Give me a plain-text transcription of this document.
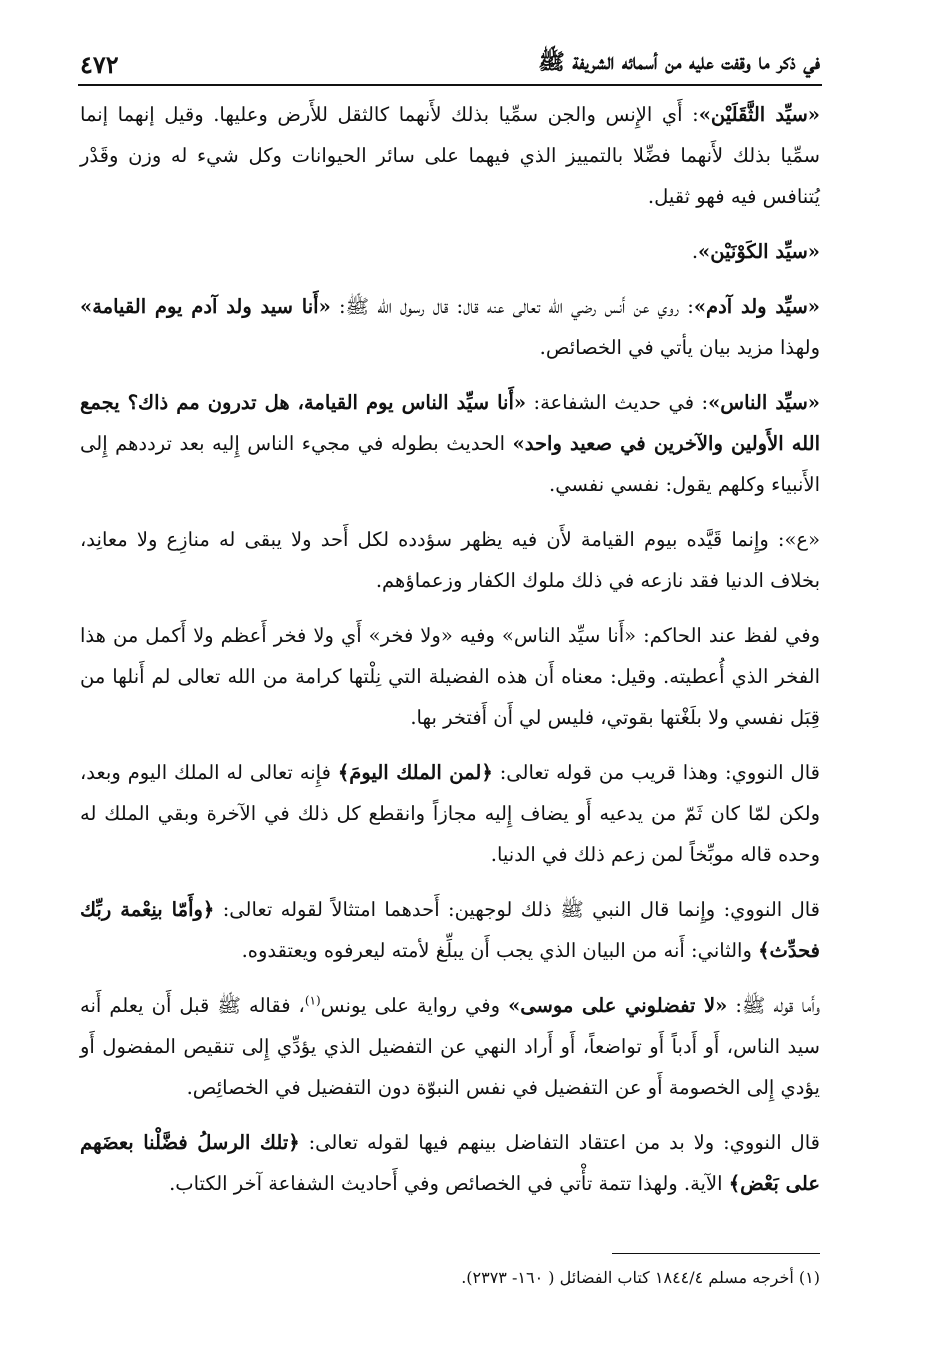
في ذكر ما وقفت عليه من أسمائه الشريفة ﷺ
٤٧٢

«سيِّد الثَّقَلَيْن»: أَي الإِنس والجن سمِّيا بذلك لأَنهما كالثقل للأَرض وعليها. وقيل إنهما إنما سمِّيا بذلك لأَنهما فضِّلا بالتمييز الذي فيهما على سائر الحيوانات وكل شيء له وزن وقَدْر يُتنافس فيه فهو ثقيل.

«سيِّد الكَوْنَيْن».

«سيِّد ولد آدم»: روي عن أَنس رضي الله تعالى عنه قال: قال رسول الله ﷺ: «أَنا سيد ولد آدم يوم القيامة» ولهذا مزيد بيان يأتي في الخصائص.

«سيِّد الناس»: في حديث الشفاعة: «أَنا سيِّد الناس يوم القيامة، هل تدرون مم ذاك؟ يجمع الله الأَولين والآخرين في صعيد واحد» الحديث بطوله في مجيء الناس إِليه بعد ترددهم إِلى الأَنبياء وكلهم يقول: نفسي نفسي.

«ع»: وإِنما قَيَّده بيوم القيامة لأَن فيه يظهر سؤدده لكل أَحد ولا يبقى له منازِع ولا معانِد، بخلاف الدنيا فقد نازعه في ذلك ملوك الكفار وزعماؤهم.

وفي لفظ عند الحاكم: «أَنا سيِّد الناس» وفيه «ولا فخر» أَي ولا فخر أَعظم ولا أَكمل من هذا الفخر الذي أُعطيته. وقيل: معناه أَن هذه الفضيلة التي نِلْتها كرامة من الله تعالى لم أَنلها من قِبَل نفسي ولا بلَغْتها بقوتي، فليس لي أَن أَفتخر بها.

قال النووي: وهذا قريب من قوله تعالى: ﴿لمن الملك اليومَ﴾ فإِنه تعالى له الملك اليوم وبعد، ولكن لمّا كان ثَمّ من يدعيه أَو يضاف إِليه مجازاً وانقطع كل ذلك في الآخرة وبقي الملك له وحده قاله موبِّخاً لمن زعم ذلك في الدنيا.

قال النووي: وإِنما قال النبي ﷺ ذلك لوجهين: أَحدهما امتثالاً لقوله تعالى: ﴿وأَمّا بنِعْمة ربِّك فحدِّث﴾ والثاني: أَنه من البيان الذي يجب أَن يبلِّغ لأمته ليعرفوه ويعتقدوه.

وأَما قوله ﷺ: «لا تفضلوني على موسى» وفي رواية على يونس$^{(١)}$، فقاله ﷺ قبل أَن يعلم أَنه سيد الناس، أَو أَدباً أَو تواضعاً، أَو أَراد النهي عن التفضيل الذي يؤدِّي إِلى تنقيص المفضول أَو يؤدي إِلى الخصومة أَو عن التفضيل في نفس النبوّة دون التفضيل في الخصائِص.

قال النووي: ولا بد من اعتقاد التفاضل بينهم فيها لقوله تعالى: ﴿تلك الرسلُ فضَّلْنا بعضَهم على بَعْض﴾ الآية. ولهذا تتمة تأْتي في الخصائص وفي أَحاديث الشفاعة آخر الكتاب.

(١) أخرجه مسلم ١٨٤٤/٤ كتاب الفضائل ( ١٦٠- ٢٣٧٣).
